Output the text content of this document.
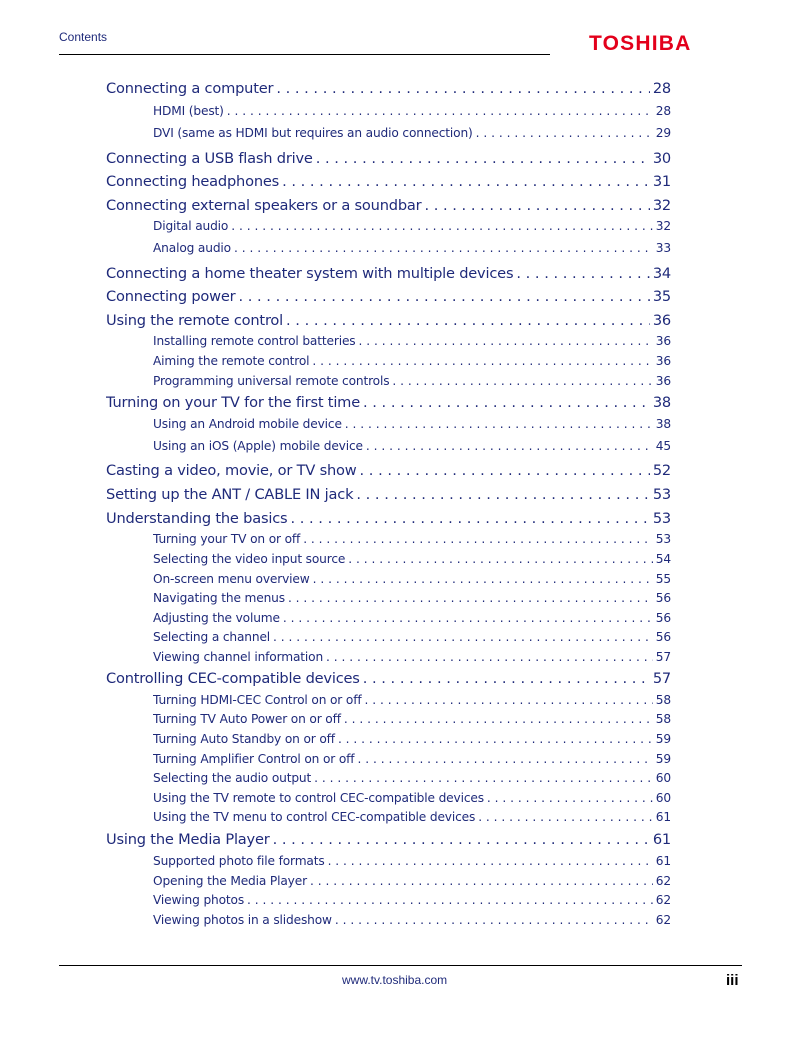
Contents	TOSHIBA
Connecting a computer . . .	28
HDMI (best) . . .	28
DVI (same as HDMI but requires an audio connection) . . .	29
Connecting a USB flash drive . . .	30
Connecting headphones . . .	31
Connecting external speakers or a soundbar . . .	32
Digital audio . . .	32
Analog audio . . .	33
Connecting a home theater system with multiple devices . . .	34
Connecting power . . .	35
Using the remote control . . .	36
Installing remote control batteries . . .	36
Aiming the remote control . . .	36
Programming universal remote controls . . .	36
Turning on your TV for the first time . . .	38
Using an Android mobile device . . .	38
Using an iOS (Apple) mobile device . . .	45
Casting a video, movie, or TV show . . .	52
Setting up the ANT / CABLE IN jack . . .	53
Understanding the basics . . .	53
Turning your TV on or off . . .	53
Selecting the video input source . . .	54
On-screen menu overview . . .	55
Navigating the menus . . .	56
Adjusting the volume . . .	56
Selecting a channel . . .	56
Viewing channel information . . .	57
Controlling CEC-compatible devices . . .	57
Turning HDMI-CEC Control on or off . . .	58
Turning TV Auto Power on or off . . .	58
Turning Auto Standby on or off . . .	59
Turning Amplifier Control on or off . . .	59
Selecting the audio output . . .	60
Using the TV remote to control CEC-compatible devices . . .	60
Using the TV menu to control CEC-compatible devices . . .	61
Using the Media Player . . .	61
Supported photo file formats . . .	61
Opening the Media Player . . .	62
Viewing photos . . .	62
Viewing photos in a slideshow . . .	62
www.tv.toshiba.com	iii
